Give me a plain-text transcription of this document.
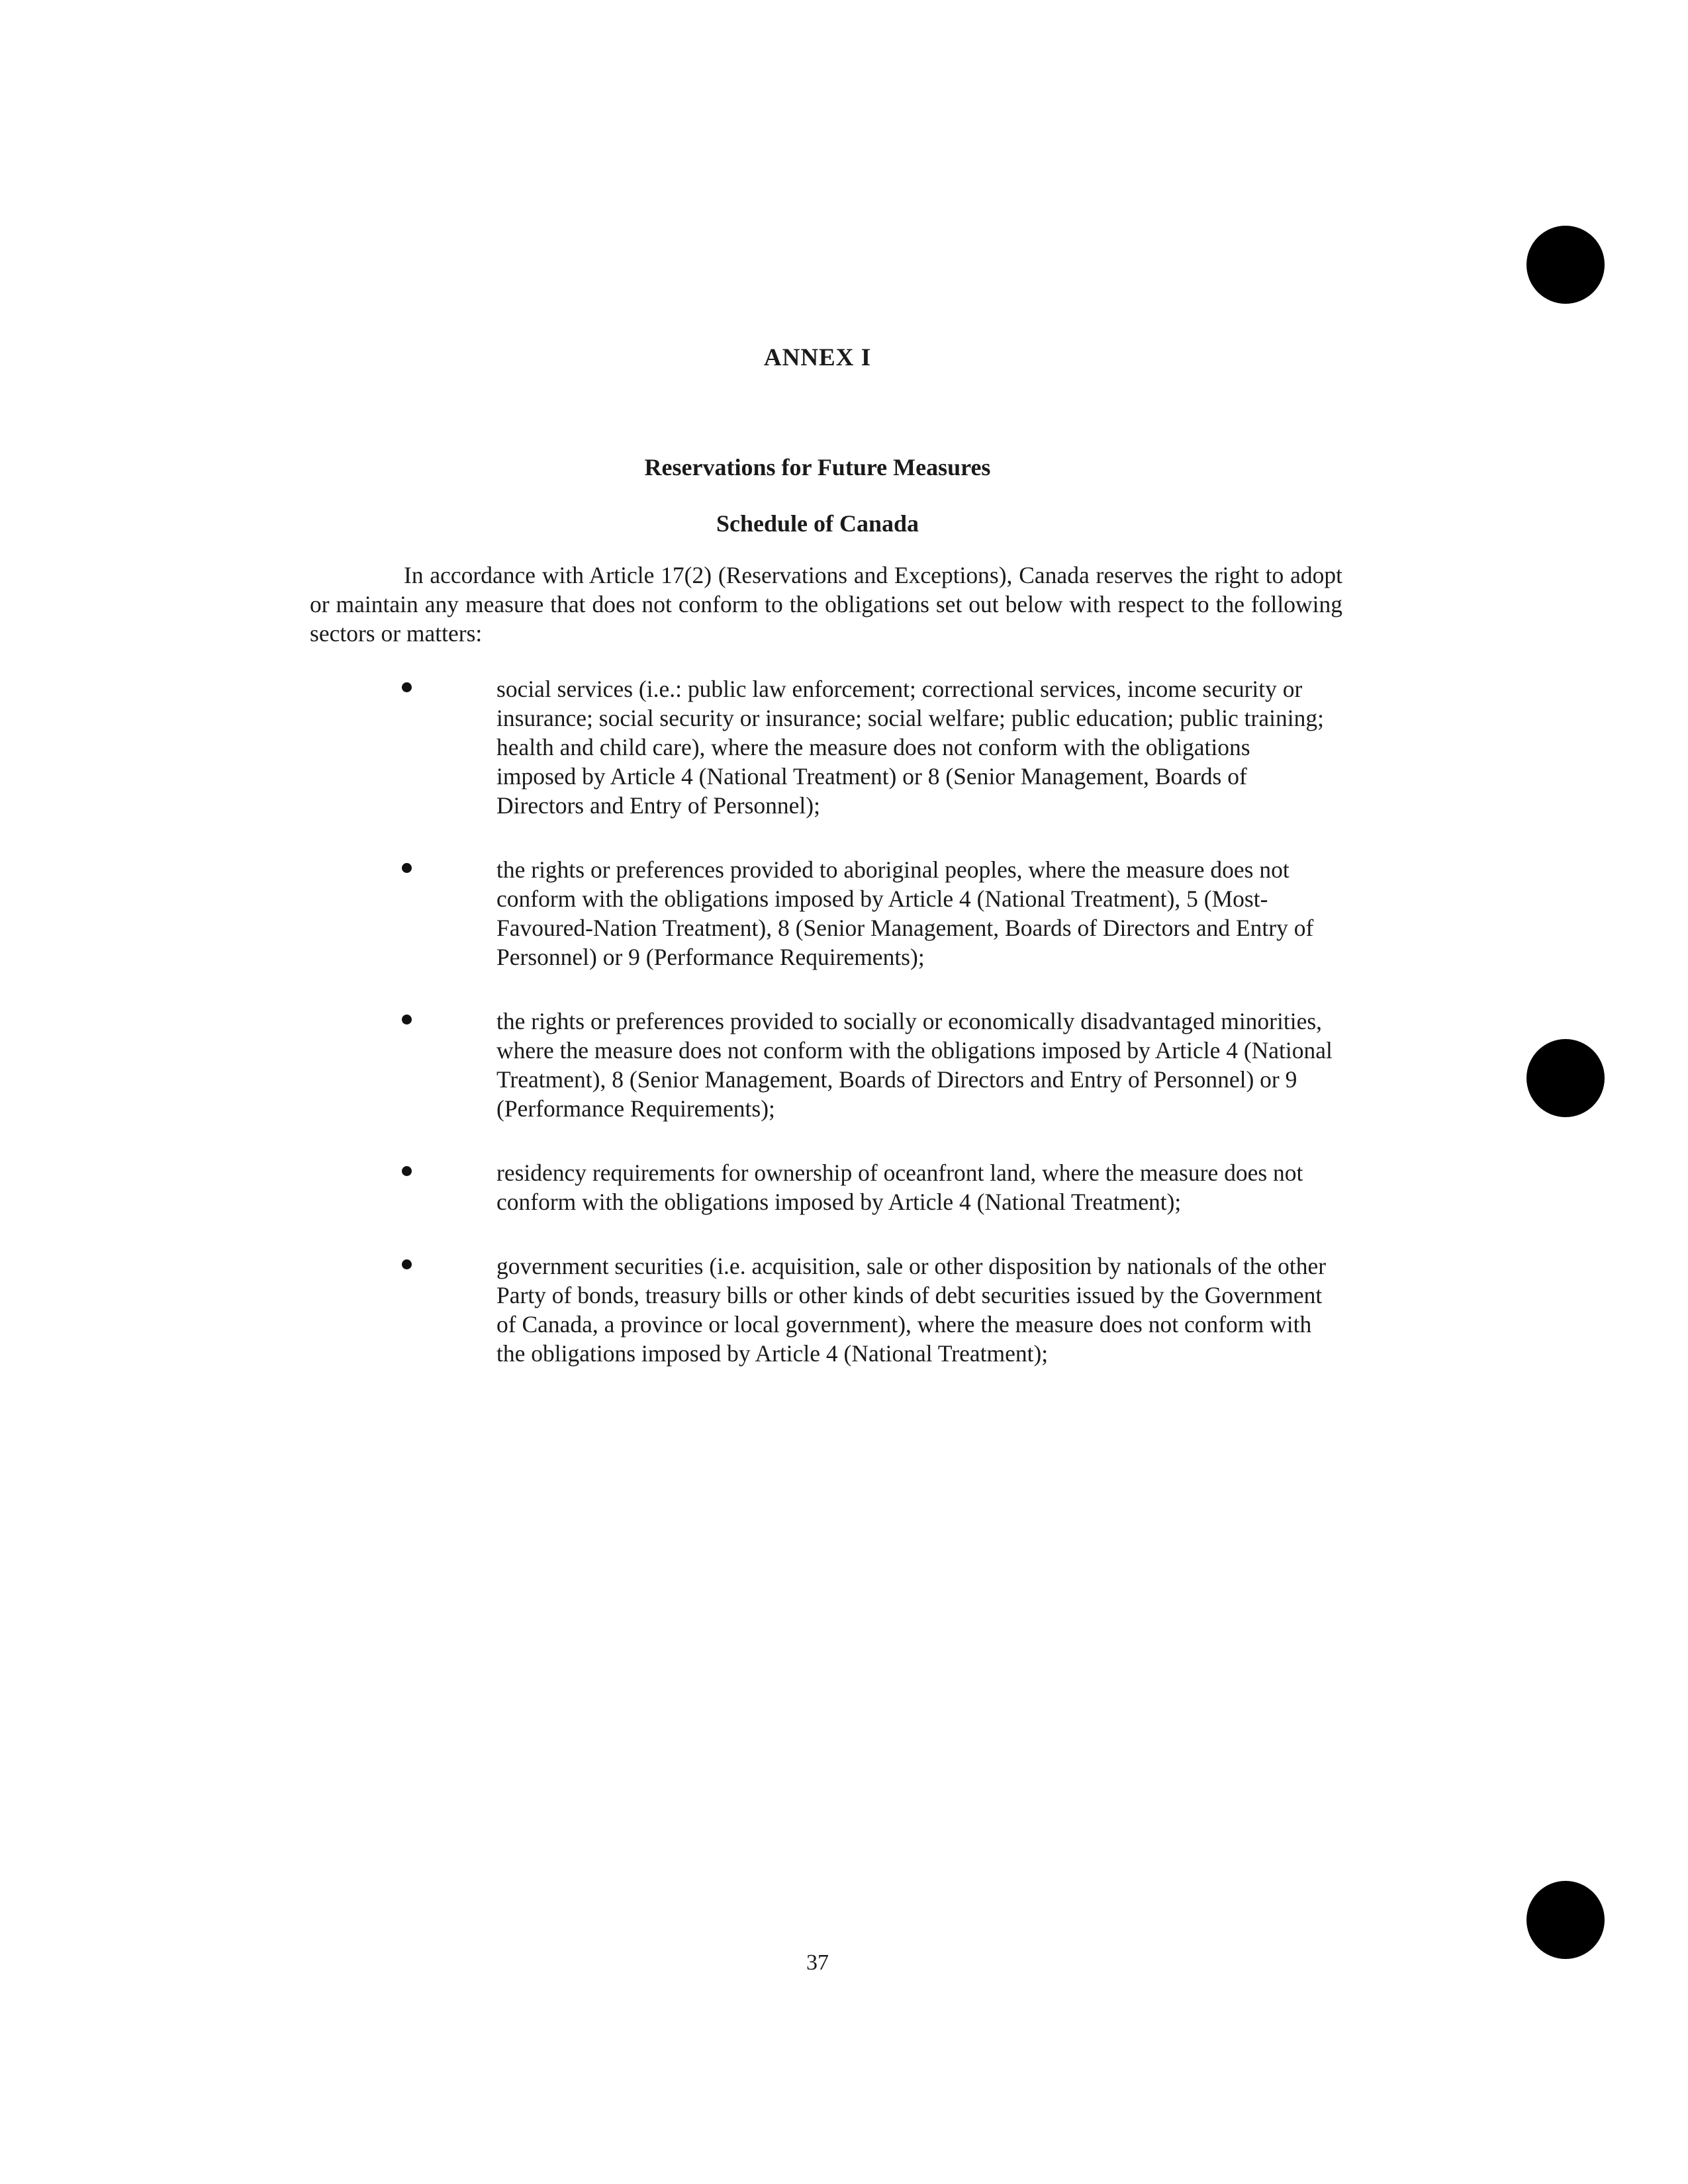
ANNEX I
Reservations for Future Measures
Schedule of Canada

In accordance with Article 17(2) (Reservations and Exceptions), Canada reserves the right to adopt or maintain any measure that does not conform to the obligations set out below with respect to the following sectors or matters:

social services (i.e.: public law enforcement; correctional services, income security or insurance; social security or insurance; social welfare; public education; public training; health and child care), where the measure does not conform with the obligations imposed by Article 4 (National Treatment) or 8 (Senior Management, Boards of Directors and Entry of Personnel);
the rights or preferences provided to aboriginal peoples, where the measure does not conform with the obligations imposed by Article 4 (National Treatment), 5 (Most-Favoured-Nation Treatment), 8 (Senior Management, Boards of Directors and Entry of Personnel) or 9 (Performance Requirements);
the rights or preferences provided to socially or economically disadvantaged minorities, where the measure does not conform with the obligations imposed by Article 4 (National Treatment), 8 (Senior Management, Boards of Directors and Entry of Personnel) or 9 (Performance Requirements);
residency requirements for ownership of oceanfront land, where the measure does not conform with the obligations imposed by Article 4 (National Treatment);
government securities (i.e. acquisition, sale or other disposition by nationals of the other Party of bonds, treasury bills or other kinds of debt securities issued by the Government of Canada, a province or local government), where the measure does not conform with the obligations imposed by Article 4 (National Treatment);
37
